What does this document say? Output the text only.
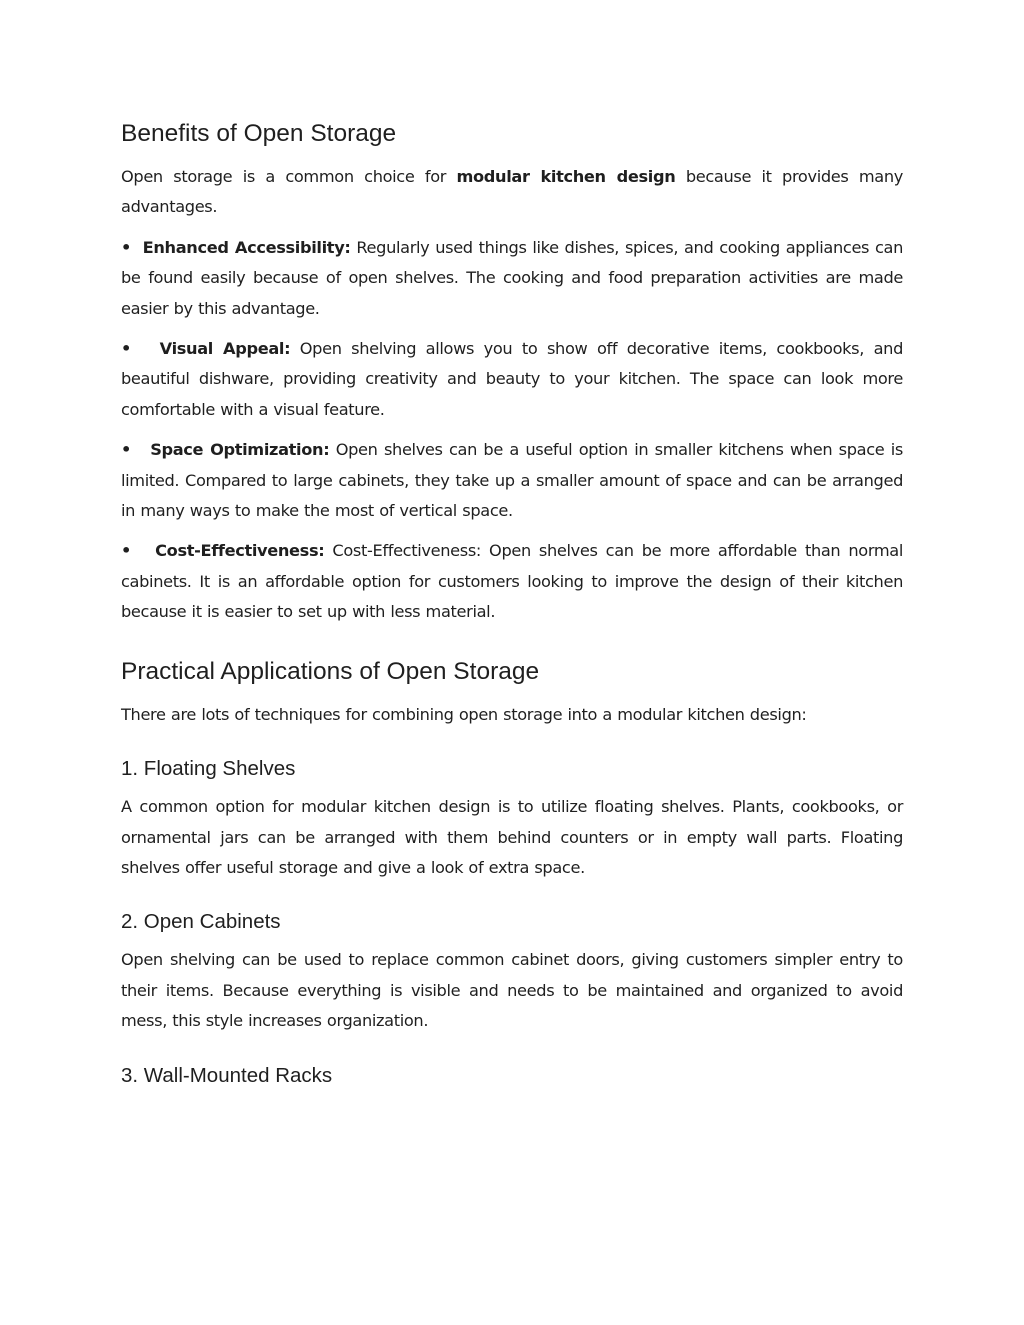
Benefits of Open Storage

Open storage is a common choice for modular kitchen design because it provides many advantages.

• Enhanced Accessibility: Regularly used things like dishes, spices, and cooking appliances can be found easily because of open shelves. The cooking and food preparation activities are made easier by this advantage.

• Visual Appeal: Open shelving allows you to show off decorative items, cookbooks, and beautiful dishware, providing creativity and beauty to your kitchen. The space can look more comfortable with a visual feature.

• Space Optimization: Open shelves can be a useful option in smaller kitchens when space is limited. Compared to large cabinets, they take up a smaller amount of space and can be arranged in many ways to make the most of vertical space.

• Cost-Effectiveness: Cost-Effectiveness: Open shelves can be more affordable than normal cabinets. It is an affordable option for customers looking to improve the design of their kitchen because it is easier to set up with less material.

Practical Applications of Open Storage

There are lots of techniques for combining open storage into a modular kitchen design:

1. Floating Shelves

A common option for modular kitchen design is to utilize floating shelves. Plants, cookbooks, or ornamental jars can be arranged with them behind counters or in empty wall parts. Floating shelves offer useful storage and give a look of extra space.

2. Open Cabinets

Open shelving can be used to replace common cabinet doors, giving customers simpler entry to their items. Because everything is visible and needs to be maintained and organized to avoid mess, this style increases organization.

3. Wall-Mounted Racks
